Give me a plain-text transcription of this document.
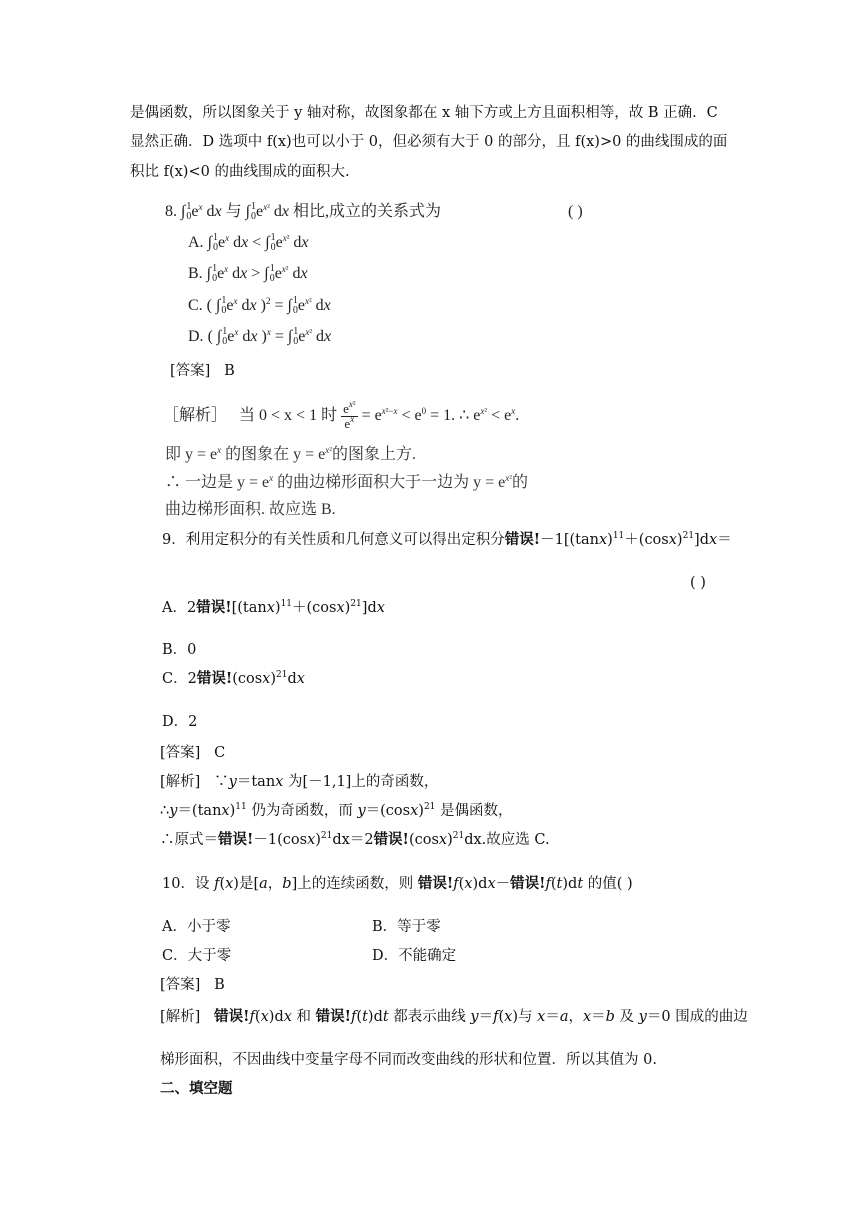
是偶函数，所以图象关于 y 轴对称，故图象都在 x 轴下方或上方且面积相等，故 B 正确．C
显然正确．D 选项中 f(x)也可以小于 0，但必须有大于 0 的部分，且 f(x)>0 的曲线围成的面
积比 f(x)<0 的曲线围成的面积大.
8. ∫ 1
0 $e^x$ dx 与 ∫ 1
0 $e^{x^2}$ dx 相比,成立的关系式为	( )
A. ∫ 1
0 $e^x$ dx < ∫ 1
0 $e^{x^2}$ dx
B. ∫ 1
0 $e^x$ dx > ∫ 1
0 $e^{x^2}$ dx
C. ( ∫ 1
0 $e^x$ dx )$^2$ = ∫ 1
0 $e^{x^2}$ dx
D. ( ∫ 1
0 $e^x$ dx )$^x$ = ∫ 1
0 $e^{x^2}$ dx
[答案] B
［解析］ 当 0 < x < 1 时 $\frac{e^{x^2}}{e^x} = e^{x^2-x} < e^0 = 1$. ∴ $e^{x^2} < e^x$.
即 $y = e^x$ 的图象在 $y = e^{x^2}$的图象上方.
∴ 一边是 $y = e^x$ 的曲边梯形面积大于一边为 $y = e^{x^2}$的
曲边梯形面积. 故应选 B.
9．利用定积分的有关性质和几何意义可以得出定积分错误$!-1[(\tan x)^{11}+(\cos x)^{21}]dx=$
( )
A．2错误$![(\tan x)^{11}+(\cos x)^{21}]dx$
B．0
C．2错误$!(\cos x)^{21}dx$
D．2
[答案] C
[解析] ∵y＝tanx 为[－1,1]上的奇函数，
$\therefore y=(\tan x)^{11}$ 仍为奇函数，而 $y=(\cos x)^{21}$ 是偶函数，
∴原式＝错误$!-1(\cos x)^{21}dx=2$错误$!(\cos x)^{21}dx$.故应选 C.
10．设 f(x)是[a，b]上的连续函数，则 错误!f(x)dx－错误!f(t)dt 的值( )
A．小于零	B．等于零
C．大于零	D．不能确定
[答案] B
[解析] 错误!f(x)dx 和 错误!f(t)dt 都表示曲线 y＝f(x)与 x＝a，x＝b 及 y＝0 围成的曲边
梯形面积，不因曲线中变量字母不同而改变曲线的形状和位置．所以其值为 0.
二、填空题
